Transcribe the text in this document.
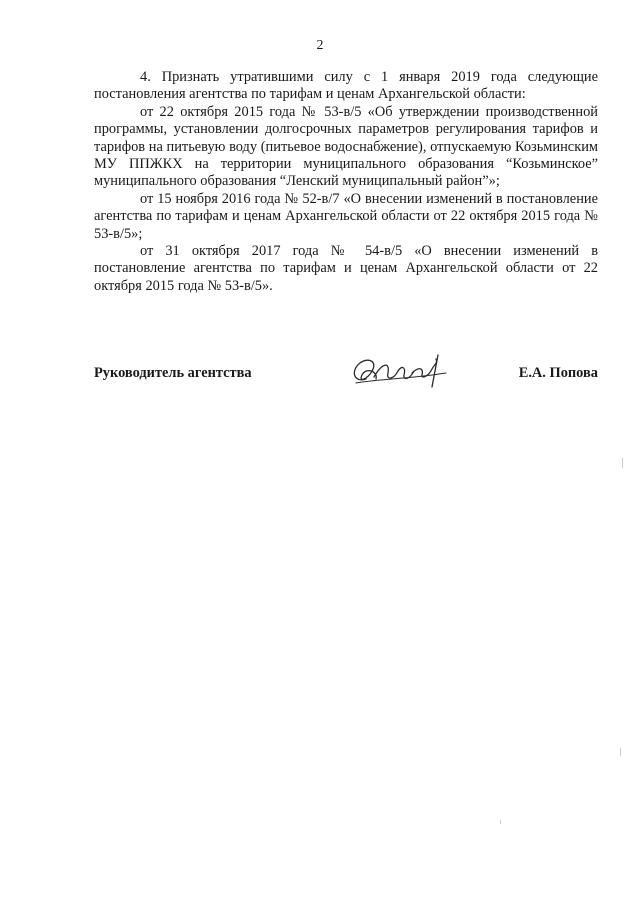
2

4. Признать утратившими силу с 1 января 2019 года следующие постановления агентства по тарифам и ценам Архангельской области:

от 22 октября 2015 года № 53-в/5 «Об утверждении производственной программы, установлении долгосрочных параметров регулирования тарифов и тарифов на питьевую воду (питьевое водоснабжение), отпускаемую Козьминским МУ ППЖКХ на территории муниципального образования “Козьминское” муниципального образования “Ленский муниципальный район”»;

от 15 ноября 2016 года № 52-в/7 «О внесении изменений в постановление агентства по тарифам и ценам Архангельской области от 22 октября 2015 года № 53-в/5»;

от 31 октября 2017 года № 54-в/5 «О внесении изменений в постановление агентства по тарифам и ценам Архангельской области от 22 октября 2015 года № 53-в/5».

Руководитель агентства	Е.А. Попова
